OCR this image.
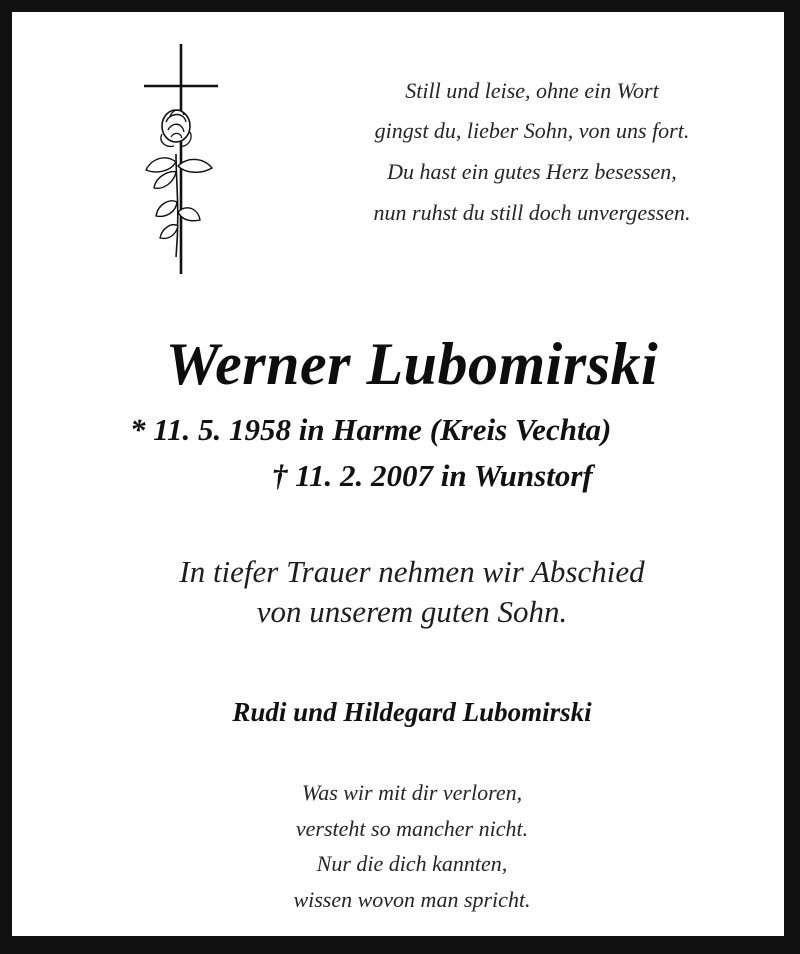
Still und leise, ohne ein Wort

gingst du, lieber Sohn, von uns fort.

Du hast ein gutes Herz besessen,

nun ruhst du still doch unvergessen.

Werner Lubomirski

* 11. 5. 1958 in Harme (Kreis Vechta)

† 11. 2. 2007 in Wunstorf

In tiefer Trauer nehmen wir Abschied

von unserem guten Sohn.

Rudi und Hildegard Lubomirski

Was wir mit dir verloren,

versteht so mancher nicht.

Nur die dich kannten,

wissen wovon man spricht.
